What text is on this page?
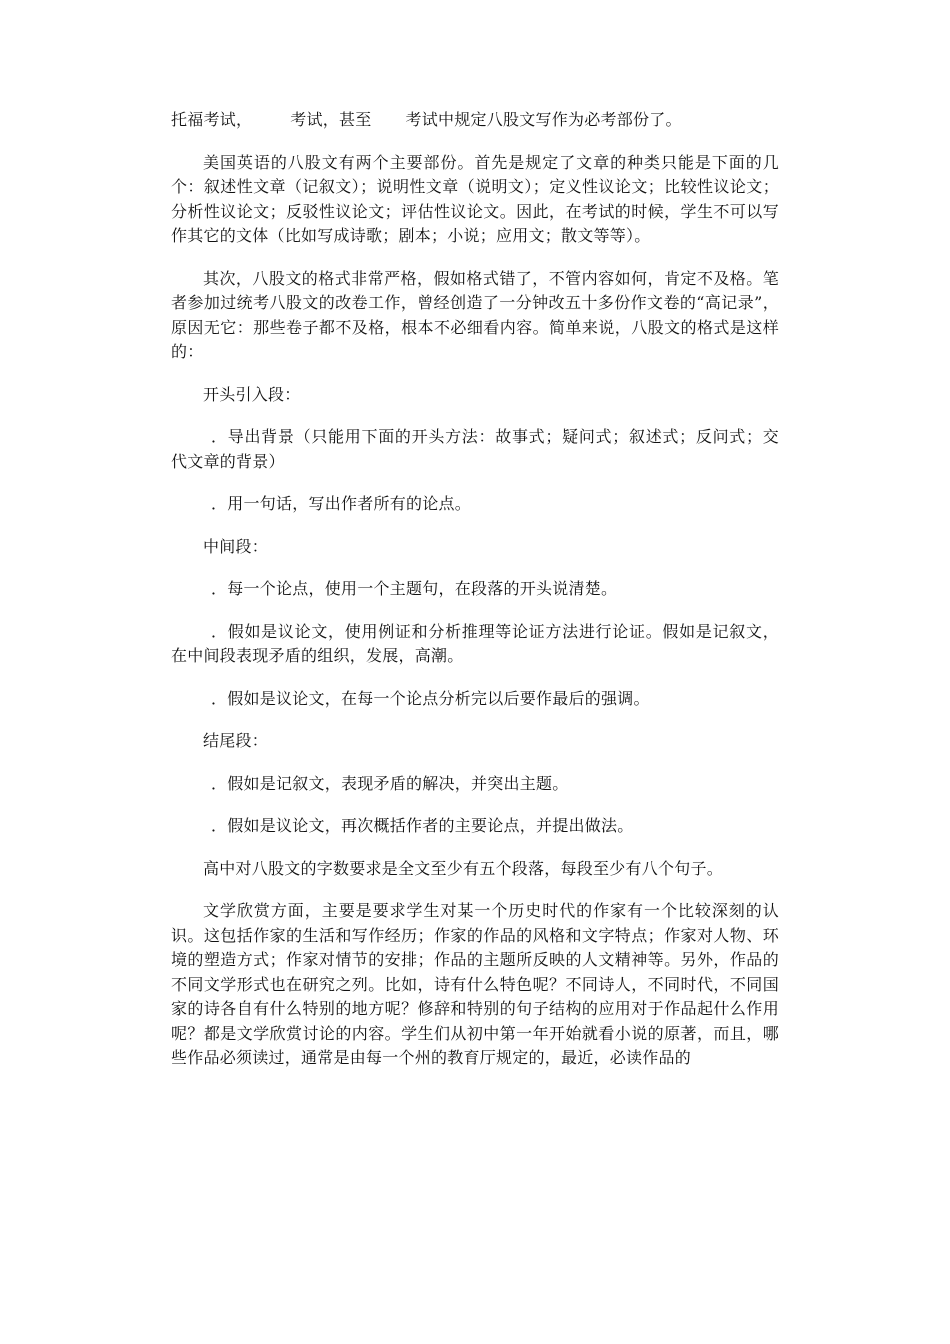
托福考试， 考试，甚至 考试中规定八股文写作为必考部份了。

美国英语的八股文有两个主要部份。首先是规定了文章的种类只能是下面的几个：叙述性文章（记叙文）；说明性文章（说明文）；定义性议论文；比较性议论文；分析性议论文；反驳性议论文；评估性议论文。因此，在考试的时候，学生不可以写作其它的文体（比如写成诗歌；剧本；小说；应用文；散文等等）。

其次，八股文的格式非常严格，假如格式错了，不管内容如何，肯定不及格。笔者参加过统考八股文的改卷工作，曾经创造了一分钟改五十多份作文卷的“高记录”，原因无它：那些卷子都不及格，根本不必细看内容。简单来说，八股文的格式是这样的：

开头引入段：

．导出背景（只能用下面的开头方法：故事式；疑问式；叙述式；反问式；交代文章的背景）

．用一句话，写出作者所有的论点。

中间段：

．每一个论点，使用一个主题句，在段落的开头说清楚。

．假如是议论文，使用例证和分析推理等论证方法进行论证。假如是记叙文，在中间段表现矛盾的组织，发展，高潮。

．假如是议论文，在每一个论点分析完以后要作最后的强调。

结尾段：

．假如是记叙文，表现矛盾的解决，并突出主题。

．假如是议论文，再次概括作者的主要论点，并提出做法。

高中对八股文的字数要求是全文至少有五个段落，每段至少有八个句子。

文学欣赏方面，主要是要求学生对某一个历史时代的作家有一个比较深刻的认识。这包括作家的生活和写作经历；作家的作品的风格和文字特点；作家对人物、环境的塑造方式；作家对情节的安排；作品的主题所反映的人文精神等。另外，作品的不同文学形式也在研究之列。比如，诗有什么特色呢？不同诗人，不同时代，不同国家的诗各自有什么特别的地方呢？修辞和特别的句子结构的应用对于作品起什么作用呢？都是文学欣赏讨论的内容。学生们从初中第一年开始就看小说的原著，而且，哪些作品必须读过，通常是由每一个州的教育厅规定的，最近，必读作品的
